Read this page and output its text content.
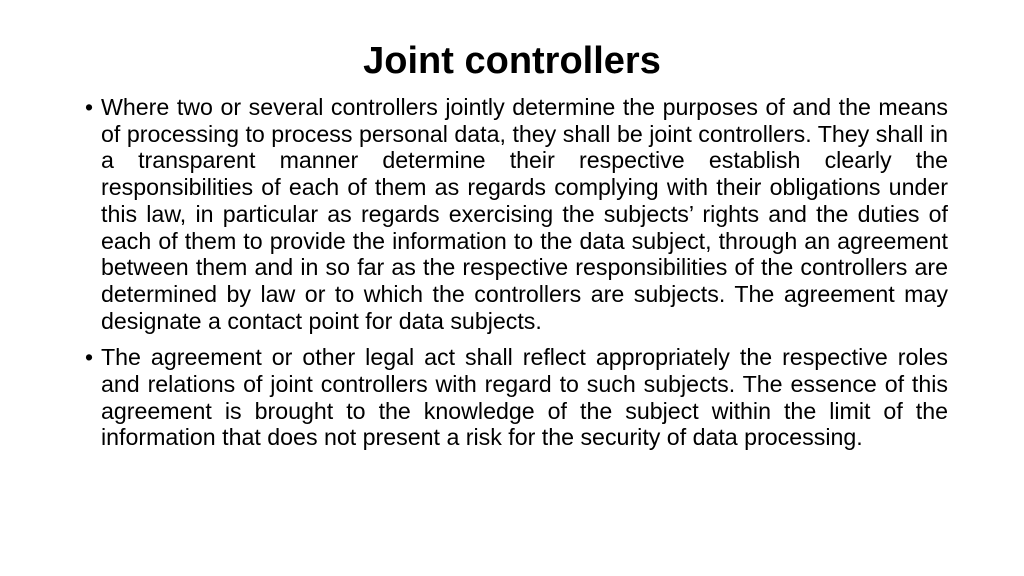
Joint controllers
• Where two or several controllers jointly determine the purposes of and the means of processing to process personal data, they shall be joint controllers. They shall in a transparent manner determine their respective establish clearly the responsibilities of each of them as regards complying with their obligations under this law, in particular as regards exercising the subjects’ rights and the duties of each of them to provide the information to the data subject, through an agreement between them and in so far as the respective responsibilities of the controllers are determined by law or to which the controllers are subjects. The agreement may designate a contact point for data subjects.
• The agreement or other legal act shall reflect appropriately the respective roles and relations of joint controllers with regard to such subjects. The essence of this agreement is brought to the knowledge of the subject within the limit of the information that does not present a risk for the security of data processing.
